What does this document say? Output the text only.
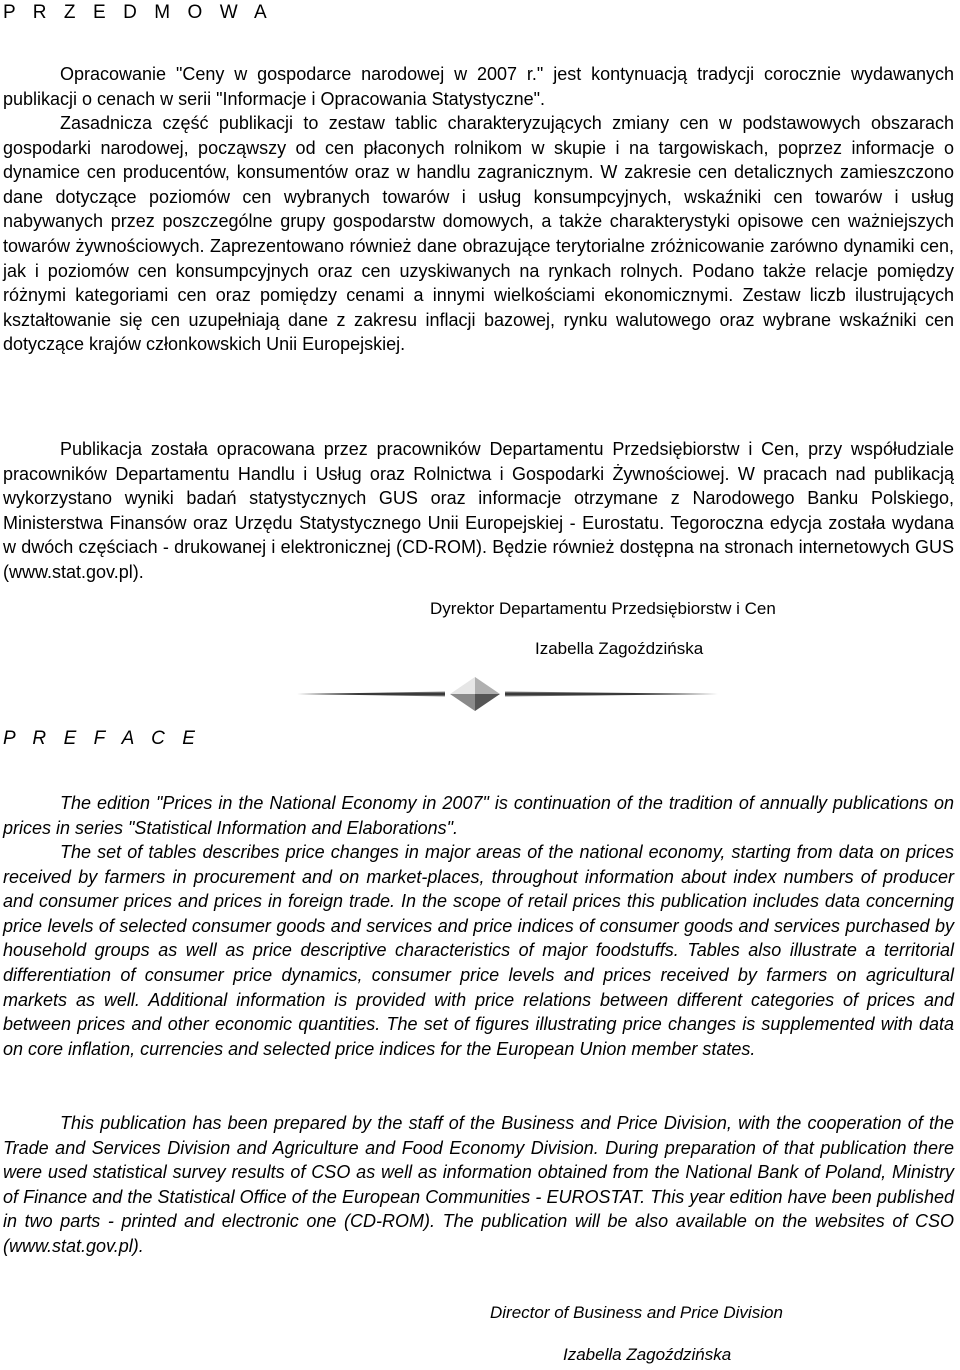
P R Z E D M O W A

Opracowanie "Ceny w gospodarce narodowej w 2007 r." jest kontynuacją tradycji corocznie wydawanych publikacji o cenach w serii "Informacje i Opracowania Statystyczne".

Zasadnicza część publikacji to zestaw tablic charakteryzujących zmiany cen w podstawowych obszarach gospodarki narodowej, począwszy od cen płaconych rolnikom w skupie i na targowiskach, poprzez informacje o dynamice cen producentów, konsumentów oraz w handlu zagranicznym. W zakresie cen detalicznych zamieszczono dane dotyczące poziomów cen wybranych towarów i usług konsumpcyjnych, wskaźniki cen towarów i usług nabywanych przez poszczególne grupy gospodarstw domowych, a także charakterystyki opisowe cen ważniejszych towarów żywnościowych. Zaprezentowano również dane obrazujące terytorialne zróżnicowanie zarówno dynamiki cen, jak i poziomów cen konsumpcyjnych oraz cen uzyskiwanych na rynkach rolnych. Podano także relacje pomiędzy różnymi kategoriami cen oraz pomiędzy cenami a innymi wielkościami ekonomicznymi. Zestaw liczb ilustrujących kształtowanie się cen uzupełniają dane z zakresu inflacji bazowej, rynku walutowego oraz wybrane wskaźniki cen dotyczące krajów członkowskich Unii Europejskiej.

Publikacja została opracowana przez pracowników Departamentu Przedsiębiorstw i Cen, przy współudziale pracowników Departamentu Handlu i Usług oraz Rolnictwa i Gospodarki Żywnościowej. W pracach nad publikacją wykorzystano wyniki badań statystycznych GUS oraz informacje otrzymane z Narodowego Banku Polskiego, Ministerstwa Finansów oraz Urzędu Statystycznego Unii Europejskiej - Eurostatu. Tegoroczna edycja została wydana w dwóch częściach - drukowanej i elektronicznej (CD-ROM). Będzie również dostępna na stronach internetowych GUS (www.stat.gov.pl).

Dyrektor Departamentu Przedsiębiorstw i Cen

Izabella Zagoździńska

P R E F A C E

The edition "Prices in the National Economy in 2007" is continuation of the tradition of annually publications on prices in series "Statistical Information and Elaborations".

The set of tables describes price changes in major areas of the national economy, starting from data on prices received by farmers in procurement and on market-places, throughout information about index numbers of producer and consumer prices and prices in foreign trade. In the scope of retail prices this publication includes data concerning price levels of selected consumer goods and services and price indices of consumer goods and services purchased by household groups as well as price descriptive characteristics of major foodstuffs. Tables also illustrate a territorial differentiation of consumer price dynamics, consumer price levels and prices received by farmers on agricultural markets as well. Additional information is provided with price relations between different categories of prices and between prices and other economic quantities. The set of figures illustrating price changes is supplemented with data on core inflation, currencies and selected price indices for the European Union member states.

This publication has been prepared by the staff of the Business and Price Division, with the cooperation of the Trade and Services Division and Agriculture and Food Economy Division. During preparation of that publication there were used statistical survey results of CSO as well as information obtained from the National Bank of Poland, Ministry of Finance and the Statistical Office of the European Communities - EUROSTAT. This year edition have been published in two parts - printed and electronic one (CD-ROM). The publication will be also available on the websites of CSO (www.stat.gov.pl).

Director of Business and Price Division

Izabella Zagoździńska
